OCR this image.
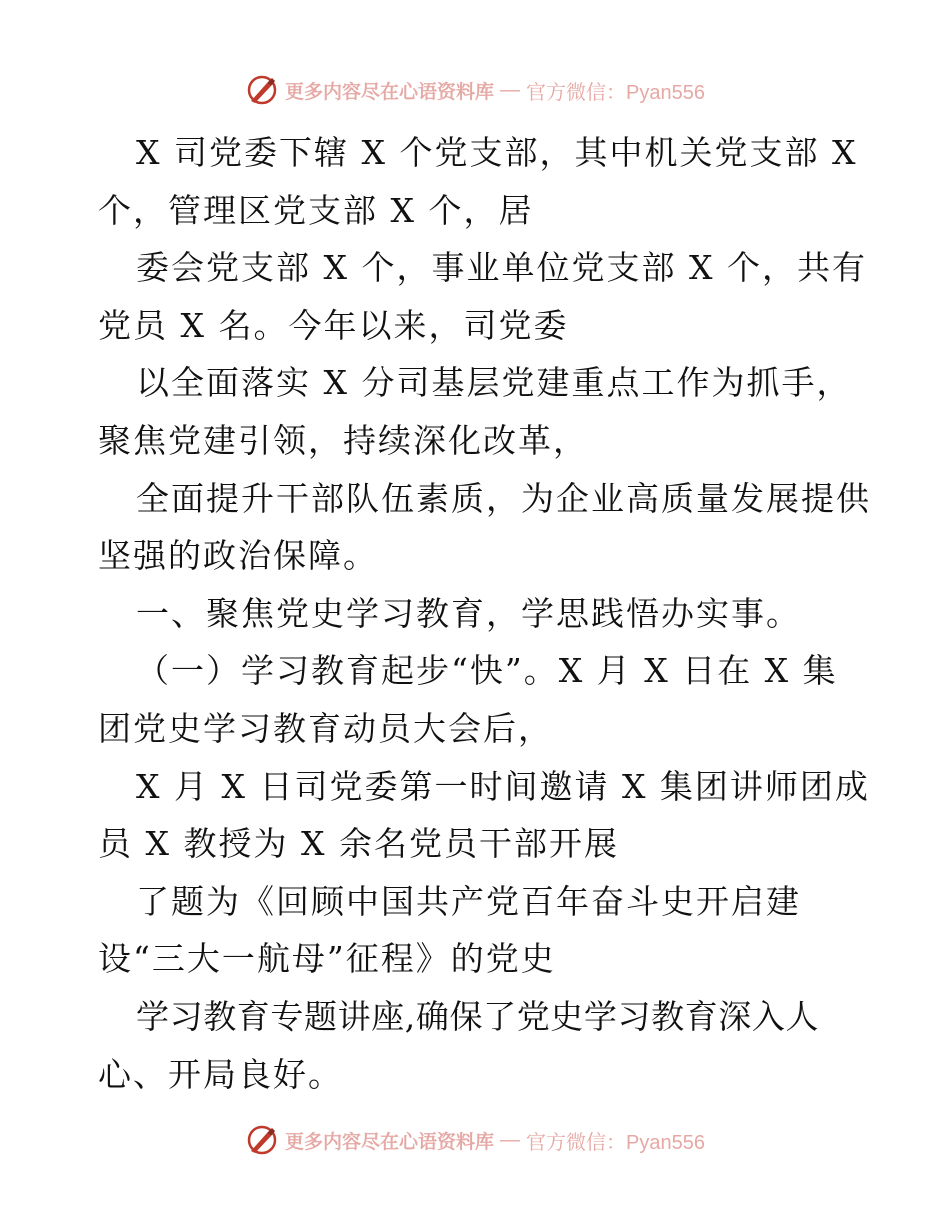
更多内容尽在心语资料库 — 官方微信：Pyan556
X 司党委下辖 X 个党支部，其中机关党支部 X
个，管理区党支部 X 个，居
委会党支部 X 个，事业单位党支部 X 个，共有
党员 X 名。今年以来，司党委
以全面落实 X 分司基层党建重点工作为抓手，
聚焦党建引领，持续深化改革，
全面提升干部队伍素质，为企业高质量发展提供
坚强的政治保障。
一、聚焦党史学习教育，学思践悟办实事。
（一）学习教育起步“快”。X 月 X 日在 X 集
团党史学习教育动员大会后，
X 月 X 日司党委第一时间邀请 X 集团讲师团成
员 X 教授为 X 余名党员干部开展
了题为《回顾中国共产党百年奋斗史开启建
设“三大一航母”征程》的党史
学习教育专题讲座,确保了党史学习教育深入人
心、开局良好。
更多内容尽在心语资料库 — 官方微信：Pyan556
